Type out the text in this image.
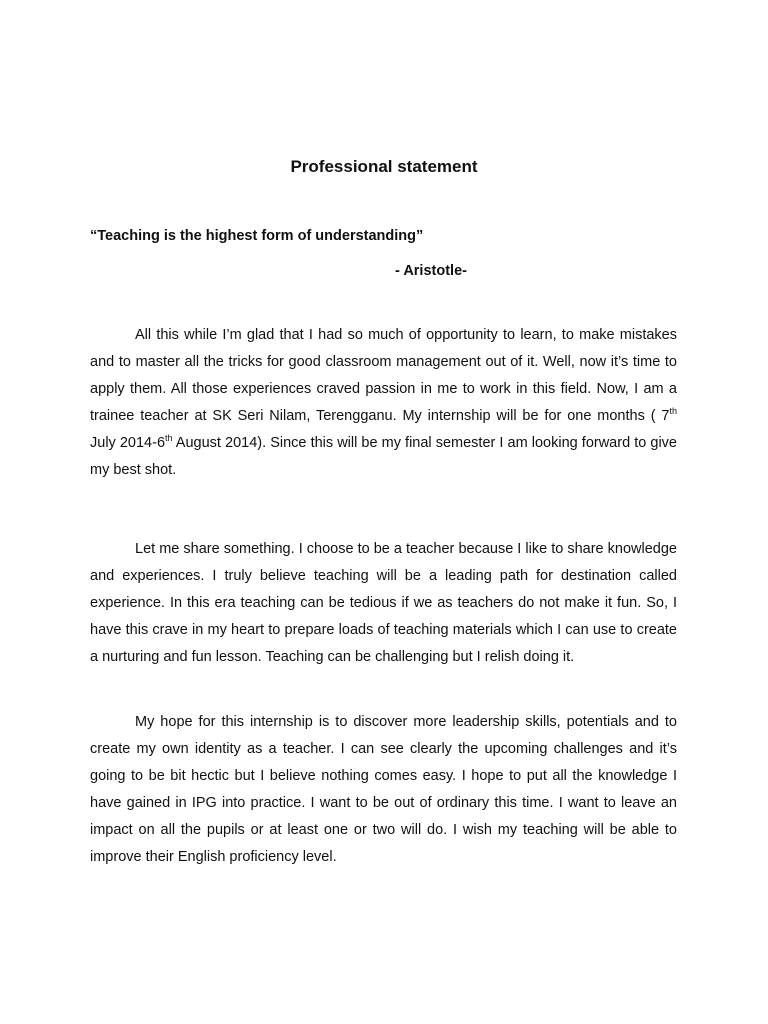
Professional statement
“Teaching is the highest form of understanding”
- Aristotle-

All this while I’m glad that I had so much of opportunity to learn, to make mistakes and to master all the tricks for good classroom management out of it. Well, now it’s time to apply them. All those experiences craved passion in me to work in this field. Now, I am a trainee teacher at SK Seri Nilam, Terengganu. My internship will be for one months ( 7th July 2014-6th August 2014). Since this will be my final semester I am looking forward to give my best shot.

Let me share something. I choose to be a teacher because I like to share knowledge and experiences. I truly believe teaching will be a leading path for destination called experience. In this era teaching can be tedious if we as teachers do not make it fun. So, I have this crave in my heart to prepare loads of teaching materials which I can use to create a nurturing and fun lesson. Teaching can be challenging but I relish doing it.

My hope for this internship is to discover more leadership skills, potentials and to create my own identity as a teacher. I can see clearly the upcoming challenges and it’s going to be bit hectic but I believe nothing comes easy. I hope to put all the knowledge I have gained in IPG into practice. I want to be out of ordinary this time. I want to leave an impact on all the pupils or at least one or two will do. I wish my teaching will be able to improve their English proficiency level.
